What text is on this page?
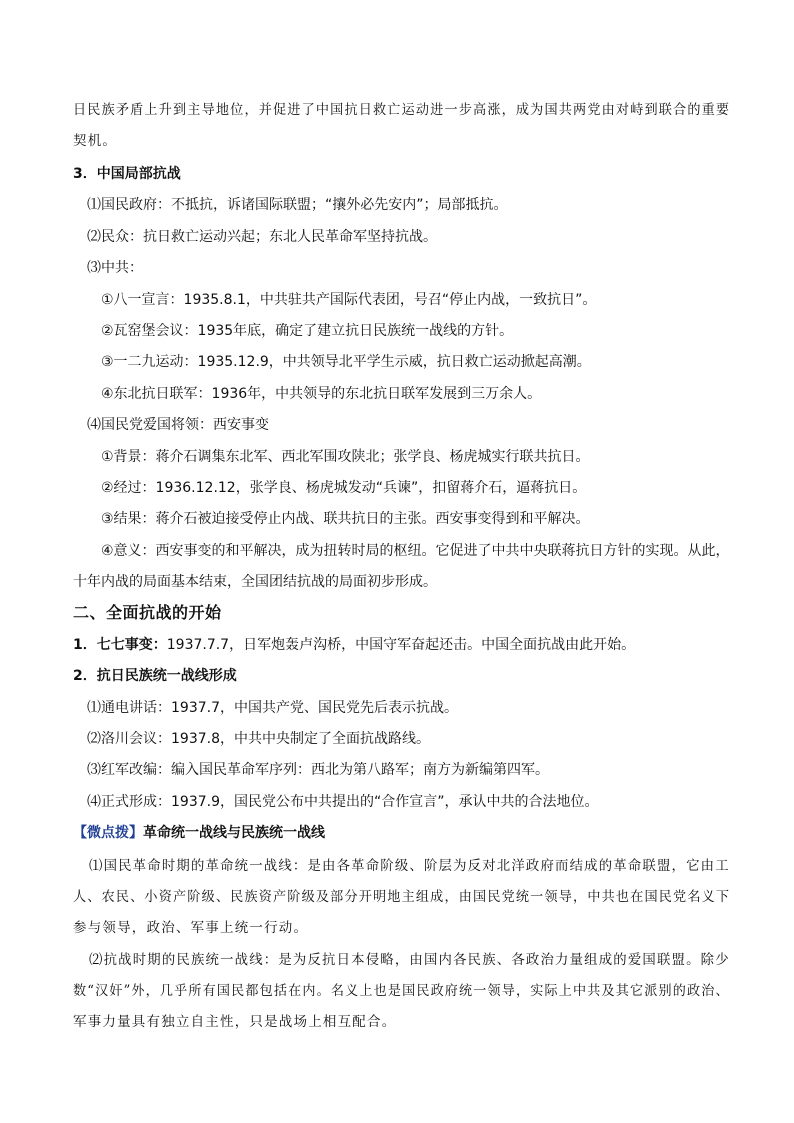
日民族矛盾上升到主导地位，并促进了中国抗日救亡运动进一步高涨，成为国共两党由对峙到联合的重要
契机。
3．中国局部抗战
⑴国民政府：不抵抗，诉诸国际联盟；“攘外必先安内”；局部抵抗。
⑵民众：抗日救亡运动兴起；东北人民革命军坚持抗战。
⑶中共：
①八一宣言：1935.8.1，中共驻共产国际代表团，号召“停止内战，一致抗日”。
②瓦窑堡会议：1935年底，确定了建立抗日民族统一战线的方针。
③一二九运动：1935.12.9，中共领导北平学生示威，抗日救亡运动掀起高潮。
④东北抗日联军：1936年，中共领导的东北抗日联军发展到三万余人。
⑷国民党爱国将领：西安事变
①背景：蒋介石调集东北军、西北军围攻陕北；张学良、杨虎城实行联共抗日。
②经过：1936.12.12，张学良、杨虎城发动“兵谏”，扣留蒋介石，逼蒋抗日。
③结果：蒋介石被迫接受停止内战、联共抗日的主张。西安事变得到和平解决。
④意义：西安事变的和平解决，成为扭转时局的枢纽。它促进了中共中央联蒋抗日方针的实现。从此，
十年内战的局面基本结束，全国团结抗战的局面初步形成。
二、全面抗战的开始
1．七七事变：1937.7.7，日军炮轰卢沟桥，中国守军奋起还击。中国全面抗战由此开始。
2．抗日民族统一战线形成
⑴通电讲话：1937.7，中国共产党、国民党先后表示抗战。
⑵洛川会议：1937.8，中共中央制定了全面抗战路线。
⑶红军改编：编入国民革命军序列：西北为第八路军；南方为新编第四军。
⑷正式形成：1937.9，国民党公布中共提出的“合作宣言”，承认中共的合法地位。
【微点拨】革命统一战线与民族统一战线
⑴国民革命时期的革命统一战线：是由各革命阶级、阶层为反对北洋政府而结成的革命联盟，它由工
人、农民、小资产阶级、民族资产阶级及部分开明地主组成，由国民党统一领导，中共也在国民党名义下
参与领导，政治、军事上统一行动。
⑵抗战时期的民族统一战线：是为反抗日本侵略，由国内各民族、各政治力量组成的爱国联盟。除少
数“汉奸”外，几乎所有国民都包括在内。名义上也是国民政府统一领导，实际上中共及其它派别的政治、
军事力量具有独立自主性，只是战场上相互配合。
